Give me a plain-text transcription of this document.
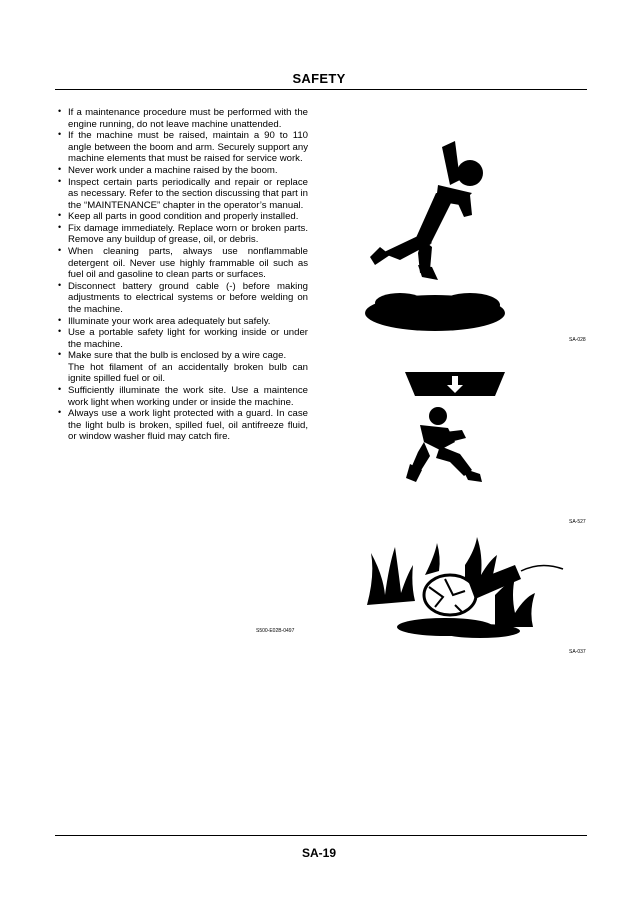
SAFETY
• If a maintenance procedure must be performed with the engine running, do not leave machine unattended.
• If the machine must be raised, maintain a 90 to 110 angle between the boom and arm. Securely support any machine elements that must be raised for service work.
• Never work under a machine raised by the boom.
• Inspect certain parts periodically and repair or replace as necessary. Refer to the section discussing that part in the “MAINTENANCE” chapter in the operator’s manual.
• Keep all parts in good condition and properly installed.
• Fix damage immediately. Replace worn or broken parts. Remove any buildup of grease, oil, or debris.
• When cleaning parts, always use nonflammable detergent oil. Never use highly frammable oil such as fuel oil and gasoline to clean parts or surfaces.
• Disconnect battery ground cable (-) before making adjustments to electrical systems or before welding on the machine.
• Illuminate your work area adequately but safely.
• Use a portable safety light for working inside or under the machine.
• Make sure that the bulb is enclosed by a wire cage.
The hot filament of an accidentally broken bulb can ignite spilled fuel or oil.
• Sufficiently illuminate the work site. Use a maintence work light when working under or inside the machine.
• Always use a work light protected with a guard. In case the light bulb is broken, spilled fuel, oil antifreeze fluid, or window washer fluid may catch fire.
S500-E02B-0497
SA-028
SA-527
SA-037
SA-19
